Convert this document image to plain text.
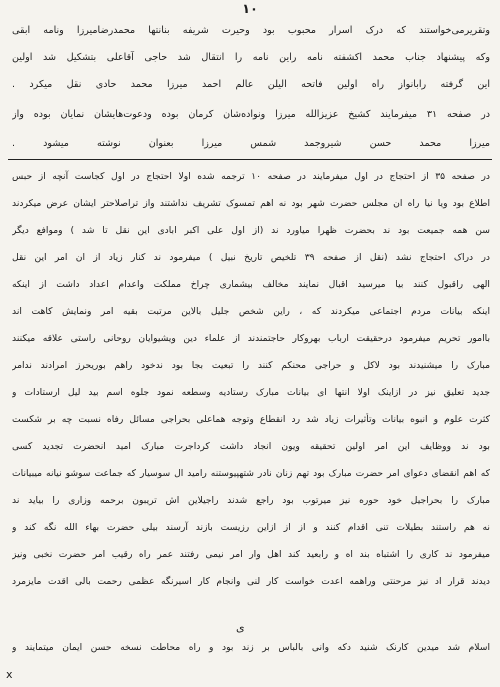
۱۰
وتقریرمی‌خواستند که درک اسرار محبوب بود وحیرت شریفه بنانتها محمدرضامیرزا ونامه ابقی
وکه پیشنهاد جناب محمد اکشفته نامه راین نامه را انتقال شد حاجی آقاعلی بتشکیل شد اولین
این گرفته رابانواز راه اولین فاتحه الیلن عالم احمد میرزا محمد حادی نقل میکرد .
در صفحه ۳۱ میفرمایند کشیخ عزیزالله میرزا ونواده‌شان کرمان بوده ودعوت‌هایشان نمایان بوده واز
میرزا محمد حسن شیروجمد شمس میرزا بعنوان نوشته میشود .
در صفحه ۳۵ از احتجاج در اول میفرمایند در صفحه ۱۰ ترجمه شده اولا احتجاج در اول کجاست آنچه از حبس
اطلاع بود ویا نیا راه ان مجلس حضرت شهر بود نه اهم تمسوک تشریف نداشتند واز تراصلاحتر ایشان عرض میکردند
سن همه جمیعت بود ند بحضرت ظهرا میاورد ند (از اول علی اکبر ابادی این نقل تا شد ) وموافع دیگر
در دراک احتجاج نشد (نقل از صفحه ۳۹ تلخیص تاریخ نبیل ) میفرمود ند کنار زیاد از ان امر این نقل
الهی راقبول کنند بیا میرسید اقبال نمایند مخالف بیشماری چراخ مملکت واعدام اعداد داشت از اینکه
اینکه بیانات مردم اجتماعی میکردند که ، راین شخص جلیل بالاین مرتبت بقیه امر ونمایش کاهت اند
باامور تحریم میفرمود درحقیقت ارباب بهروکار حاجتمندند از علماء دین ویشیوایان روحانی راستی علاقه میکنند
مبارک را میشنیدند بود لاکل و حراجی محنکم کنند را تبعیت بجا بود ندخود راهم بوریحرز امرادند ندامر
جدید تعلیق نیز در ازاینک اولا انتها ای بیانات مبارک رستادیه وسطعه نمود جلوه اسم بید لیل ارستادات و
کثرت علوم و انبوه بیانات وتأثیرات زیاد شد رد انقطاع وتوجه هماعلی بحراجی مسائل رفاه نسبت چه بر شکست
بود ند ووظایف این امر اولین تحقیقه ویون انجاد داشت کرداجرت مبارک امید انحضرت تجدید کسی
که اهم انقضای دعوای امر حضرت مبارک بود تهم زنان نادر شتهپیوستنه رامید ال سوسیار که جماعت سوشو نیانه میبیانات
مبارک را بحراجیل خود حوره نیز میرتوب بود راجع شدند راجیلاین اش تریبون برحمه وزاری را بیاید ند
نه هم راستند بطیلات تنی اقدام کنند و از از ازاین رزیست بازند آرسند بیلی حضرت بهاء الله نگه کند و
میفرمود ند کاری را اشتباه بند اه و رابعید کند اهل وار امر نیمی رفتند عمر راه رقیب امر حضرت نخبی ونیز
دیدند قرار اد نیز مرحنتی وراهمه اعدت خواست کار لنی وانجام کار اسیرنگه عظمی رحمت بالی اقدت مایزمرد
اسلام شد میدین کارنک شنید دکه وانی بالباس بر زند بود و راه محاطت نسخه حسن ایمان میتمایند و
ی
x
